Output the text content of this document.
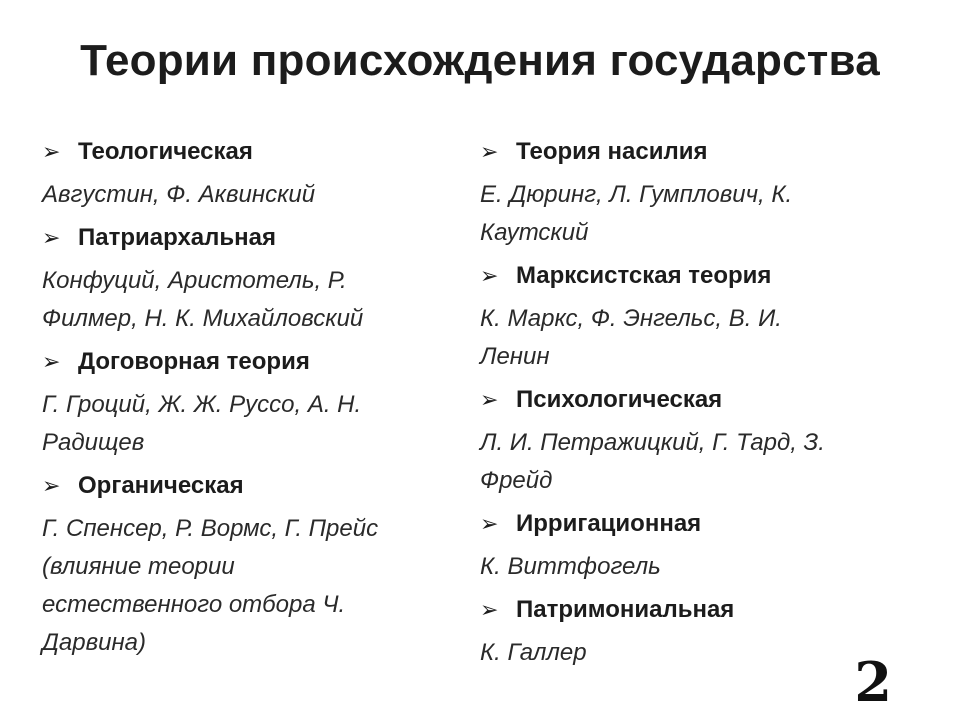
Теории происхождения государства
➢ Теологическая
Августин, Ф. Аквинский
➢ Патриархальная
Конфуций, Аристотель, Р.
Филмер, Н. К. Михайловский
➢ Договорная теория
Г. Гроций, Ж. Ж. Руссо, А. Н.
Радищев
➢ Органическая
Г. Спенсер, Р. Вормс, Г. Прейс
(влияние теории
естественного отбора Ч.
Дарвина)
➢ Теория насилия
Е. Дюринг, Л. Гумплович, К.
Каутский
➢ Марксистская теория
К. Маркс, Ф. Энгельс, В. И.
Ленин
➢ Психологическая
Л. И. Петражицкий, Г. Тард, З.
Фрейд
➢ Ирригационная
К. Виттфогель
➢ Патримониальная
К. Галлер	2
